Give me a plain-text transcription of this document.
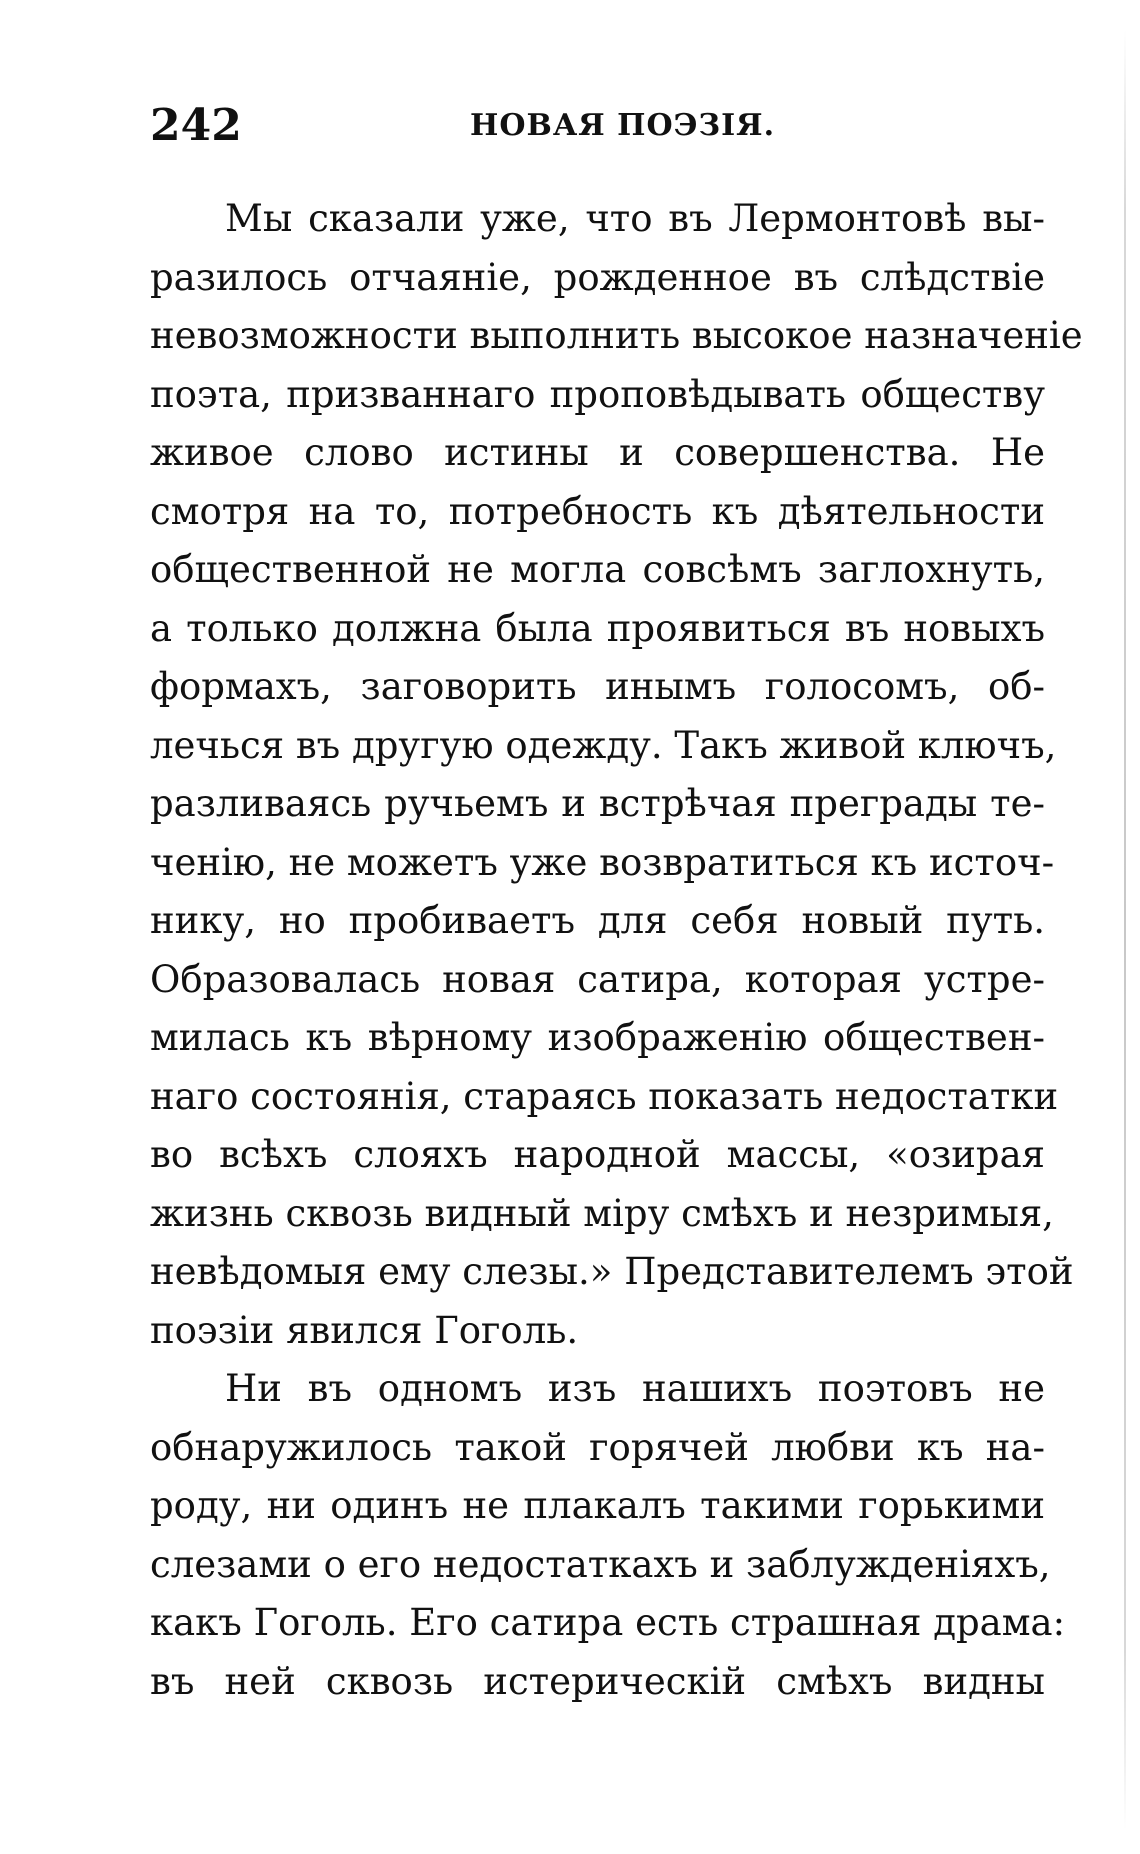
242	НОВАЯ ПОЭЗІЯ.

Мы сказали уже, что въ Лермонтовѣ вы-
разилось отчаяніе, рожденное въ слѣдствіе
невозможности выполнить высокое назначеніе
поэта, призваннаго проповѣдывать обществу
живое слово истины и совершенства. Не
смотря на то, потребность къ дѣятельности
общественной не могла совсѣмъ заглохнуть,
а только должна была проявиться въ новыхъ
формахъ, заговорить инымъ голосомъ, об-
лечься въ другую одежду. Такъ живой ключъ,
разливаясь ручьемъ и встрѣчая преграды те-
ченію, не можетъ уже возвратиться къ источ-
нику, но пробиваетъ для себя новый путь.
Образовалась новая сатира, которая устре-
милась къ вѣрному изображенію обществен-
наго состоянія, стараясь показать недостатки
во всѣхъ слояхъ народной массы, «озирая
жизнь сквозь видный міру смѣхъ и незримыя,
невѣдомыя ему слезы.» Представителемъ этой
поэзіи явился Гоголь.

Ни въ одномъ изъ нашихъ поэтовъ не
обнаружилось такой горячей любви къ на-
роду, ни одинъ не плакалъ такими горькими
слезами о его недостаткахъ и заблужденіяхъ,
какъ Гоголь. Его сатира есть страшная драма:
въ ней сквозь истерическій смѣхъ видны
